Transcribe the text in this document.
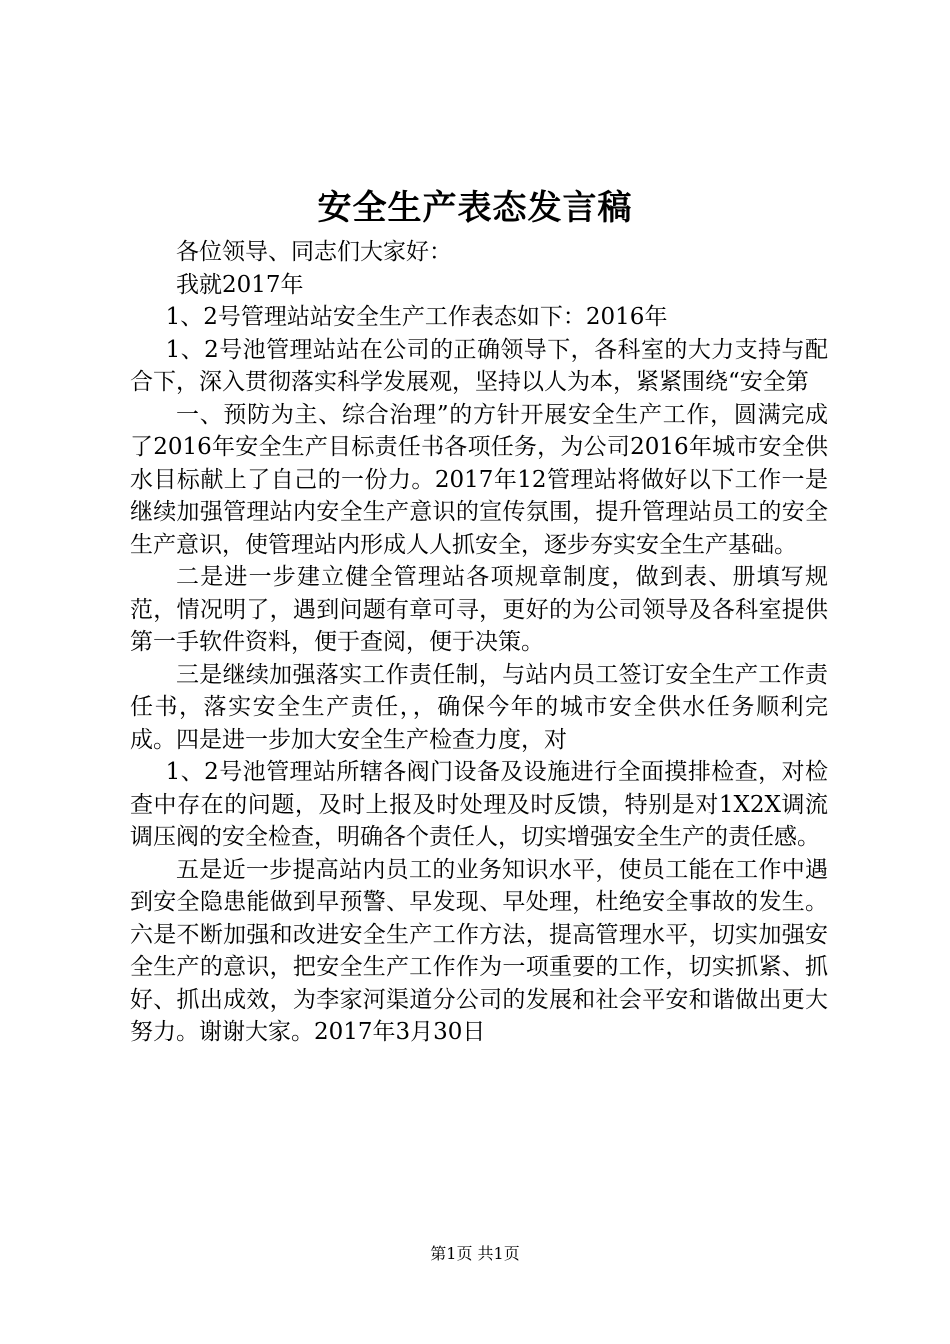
安全生产表态发言稿

各位领导、同志们大家好：

我就2017年

1、2号管理站站安全生产工作表态如下：2016年

1、2号池管理站站在公司的正确领导下，各科室的大力支持与配合下，深入贯彻落实科学发展观，坚持以人为本，紧紧围绕“安全第

一、预防为主、综合治理”的方针开展安全生产工作，圆满完成了2016年安全生产目标责任书各项任务，为公司2016年城市安全供水目标献上了自己的一份力。2017年12管理站将做好以下工作一是继续加强管理站内安全生产意识的宣传氛围，提升管理站员工的安全生产意识，使管理站内形成人人抓安全，逐步夯实安全生产基础。

二是进一步建立健全管理站各项规章制度，做到表、册填写规范，情况明了，遇到问题有章可寻，更好的为公司领导及各科室提供第一手软件资料，便于查阅，便于决策。

三是继续加强落实工作责任制，与站内员工签订安全生产工作责任书，落实安全生产责任，，确保今年的城市安全供水任务顺利完成。四是进一步加大安全生产检查力度，对

1、2号池管理站所辖各阀门设备及设施进行全面摸排检查，对检查中存在的问题，及时上报及时处理及时反馈，特别是对1X2X调流调压阀的安全检查，明确各个责任人，切实增强安全生产的责任感。

五是近一步提高站内员工的业务知识水平，使员工能在工作中遇到安全隐患能做到早预警、早发现、早处理，杜绝安全事故的发生。六是不断加强和改进安全生产工作方法，提高管理水平，切实加强安全生产的意识，把安全生产工作作为一项重要的工作，切实抓紧、抓好、抓出成效，为李家河渠道分公司的发展和社会平安和谐做出更大努力。谢谢大家。2017年3月30日

第1页 共1页
